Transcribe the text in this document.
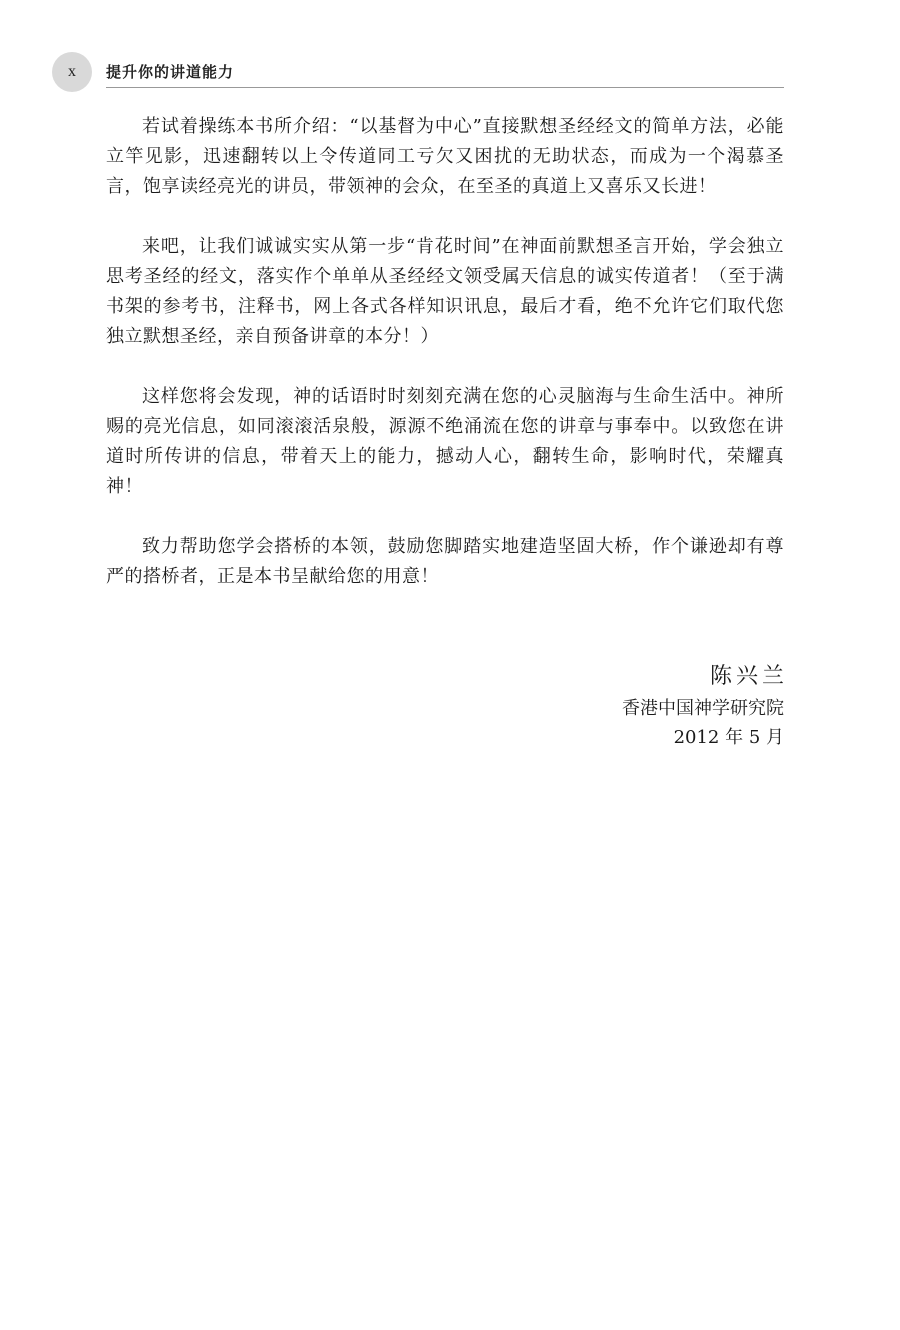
x	提升你的讲道能力

若试着操练本书所介绍：“以基督为中心”直接默想圣经经文的简单方法，必能立竿见影，迅速翻转以上令传道同工亏欠又困扰的无助状态，而成为一个渴慕圣言，饱享读经亮光的讲员，带领神的会众，在至圣的真道上又喜乐又长进！

来吧，让我们诚诚实实从第一步“肯花时间”在神面前默想圣言开始，学会独立思考圣经的经文，落实作个单单从圣经经文领受属天信息的诚实传道者！（至于满书架的参考书，注释书，网上各式各样知识讯息，最后才看，绝不允许它们取代您独立默想圣经，亲自预备讲章的本分！）

这样您将会发现，神的话语时时刻刻充满在您的心灵脑海与生命生活中。神所赐的亮光信息，如同滚滚活泉般，源源不绝涌流在您的讲章与事奉中。以致您在讲道时所传讲的信息，带着天上的能力，撼动人心，翻转生命，影响时代，荣耀真神！

致力帮助您学会搭桥的本领，鼓励您脚踏实地建造坚固大桥，作个谦逊却有尊严的搭桥者，正是本书呈献给您的用意！

陈兴兰
香港中国神学研究院
2012 年 5 月
